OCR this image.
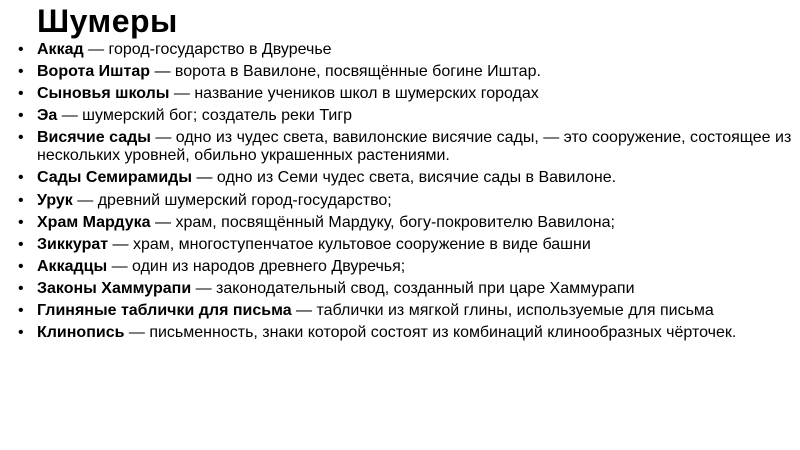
Шумеры
• Аккад — город-государство в Двуречье
• Ворота Иштар — ворота в Вавилоне, посвящённые богине Иштар.
• Сыновья школы — название учеников школ в шумерских городах
• Эа — шумерский бог; создатель реки Тигр
• Висячие сады — одно из чудес света, вавилонские висячие сады, — это сооружение, состоящее из нескольких уровней, обильно украшенных растениями.
• Сады Семирамиды — одно из Семи чудес света, висячие сады в Вавилоне.
• Урук — древний шумерский город-государство;
• Храм Мардука — храм, посвящённый Мардуку, богу-покровителю Вавилона;
• Зиккурат — храм, многоступенчатое культовое сооружение в виде башни
• Аккадцы — один из народов древнего Двуречья;
• Законы Хаммурапи — законодательный свод, созданный при царе Хаммурапи
• Глиняные таблички для письма — таблички из мягкой глины, используемые для письма
• Клинопись — письменность, знаки которой состоят из комбинаций клинообразных чёрточек.
